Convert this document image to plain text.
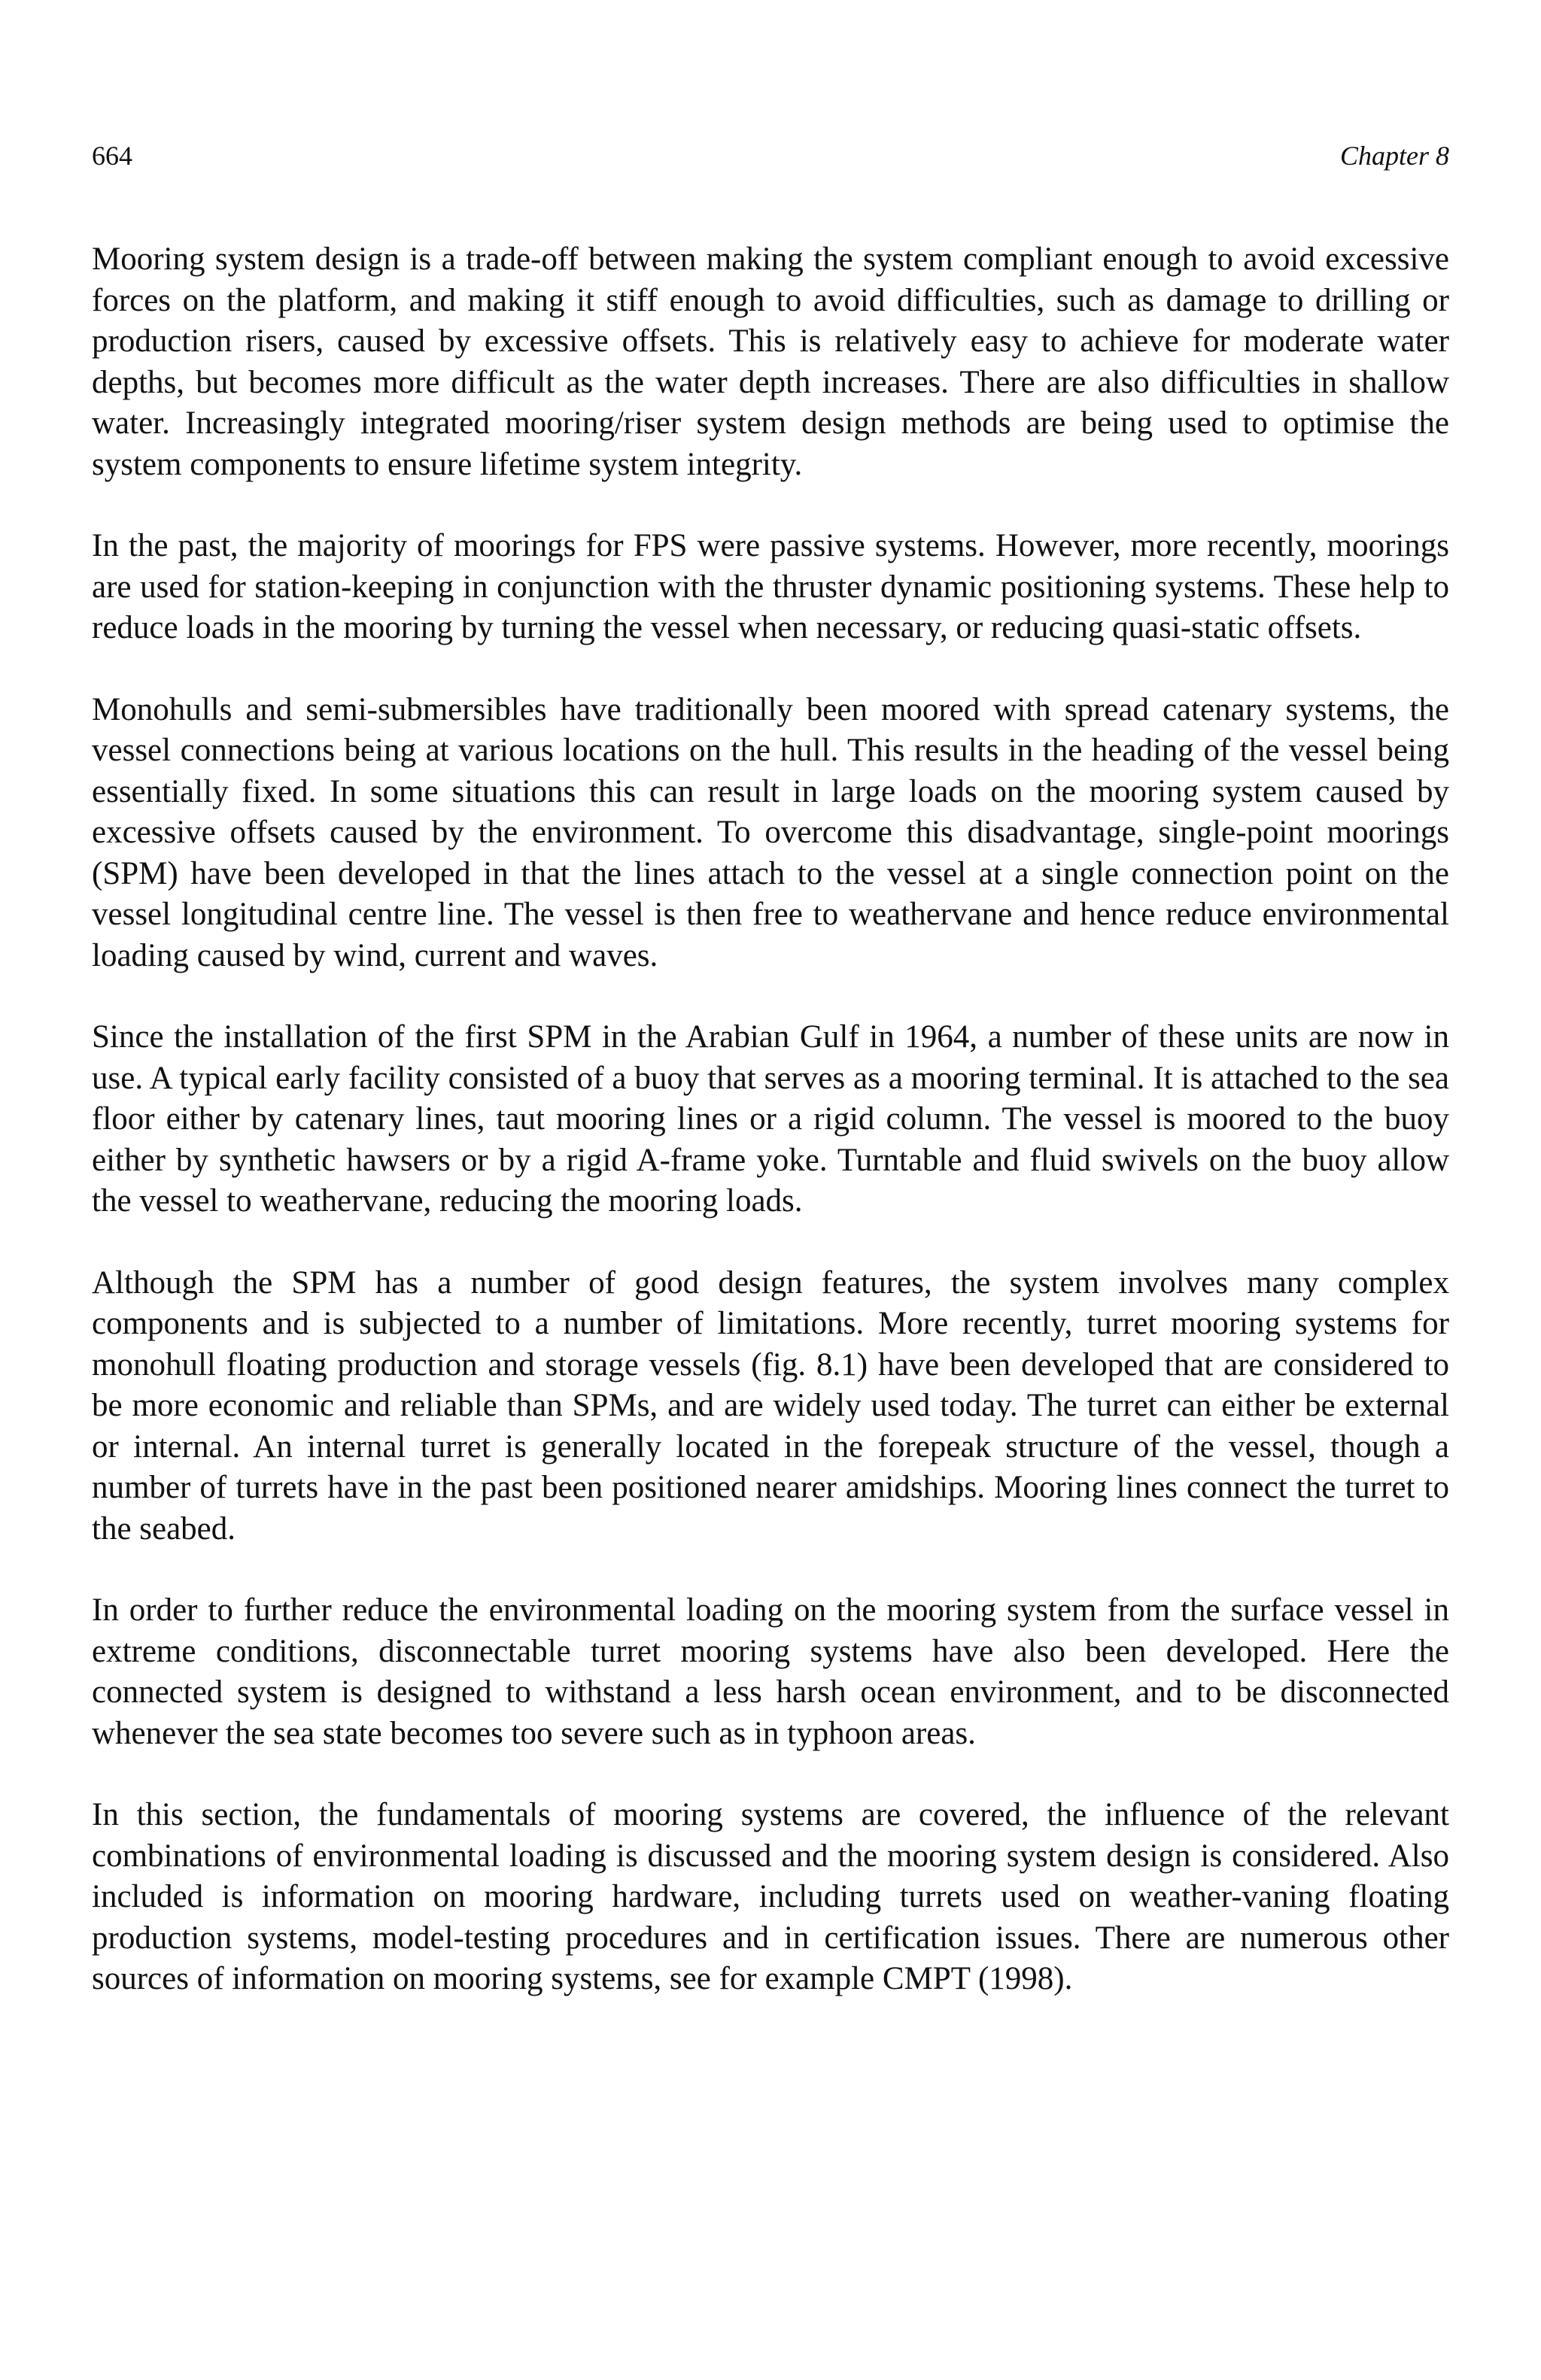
664	Chapter 8

Mooring system design is a trade-off between making the system compliant enough to avoid excessive forces on the platform, and making it stiff enough to avoid difficulties, such as damage to drilling or production risers, caused by excessive offsets. This is relatively easy to achieve for moderate water depths, but becomes more difficult as the water depth increases. There are also difficulties in shallow water. Increasingly integrated mooring/riser system design methods are being used to optimise the system components to ensure lifetime system integrity.

In the past, the majority of moorings for FPS were passive systems. However, more recently, moorings are used for station-keeping in conjunction with the thruster dynamic positioning systems. These help to reduce loads in the mooring by turning the vessel when necessary, or reducing quasi-static offsets.

Monohulls and semi-submersibles have traditionally been moored with spread catenary systems, the vessel connections being at various locations on the hull. This results in the heading of the vessel being essentially fixed. In some situations this can result in large loads on the mooring system caused by excessive offsets caused by the environment. To overcome this disadvantage, single-point moorings (SPM) have been developed in that the lines attach to the vessel at a single connection point on the vessel longitudinal centre line. The vessel is then free to weathervane and hence reduce environmental loading caused by wind, current and waves.

Since the installation of the first SPM in the Arabian Gulf in 1964, a number of these units are now in use. A typical early facility consisted of a buoy that serves as a mooring terminal. It is attached to the sea floor either by catenary lines, taut mooring lines or a rigid column. The vessel is moored to the buoy either by synthetic hawsers or by a rigid A-frame yoke. Turntable and fluid swivels on the buoy allow the vessel to weathervane, reducing the mooring loads.

Although the SPM has a number of good design features, the system involves many complex components and is subjected to a number of limitations. More recently, turret mooring systems for monohull floating production and storage vessels (fig. 8.1) have been developed that are considered to be more economic and reliable than SPMs, and are widely used today. The turret can either be external or internal. An internal turret is generally located in the forepeak structure of the vessel, though a number of turrets have in the past been positioned nearer amidships. Mooring lines connect the turret to the seabed.

In order to further reduce the environmental loading on the mooring system from the surface vessel in extreme conditions, disconnectable turret mooring systems have also been developed. Here the connected system is designed to withstand a less harsh ocean environment, and to be disconnected whenever the sea state becomes too severe such as in typhoon areas.

In this section, the fundamentals of mooring systems are covered, the influence of the relevant combinations of environmental loading is discussed and the mooring system design is considered. Also included is information on mooring hardware, including turrets used on weather-vaning floating production systems, model-testing procedures and in certification issues. There are numerous other sources of information on mooring systems, see for example CMPT (1998).
